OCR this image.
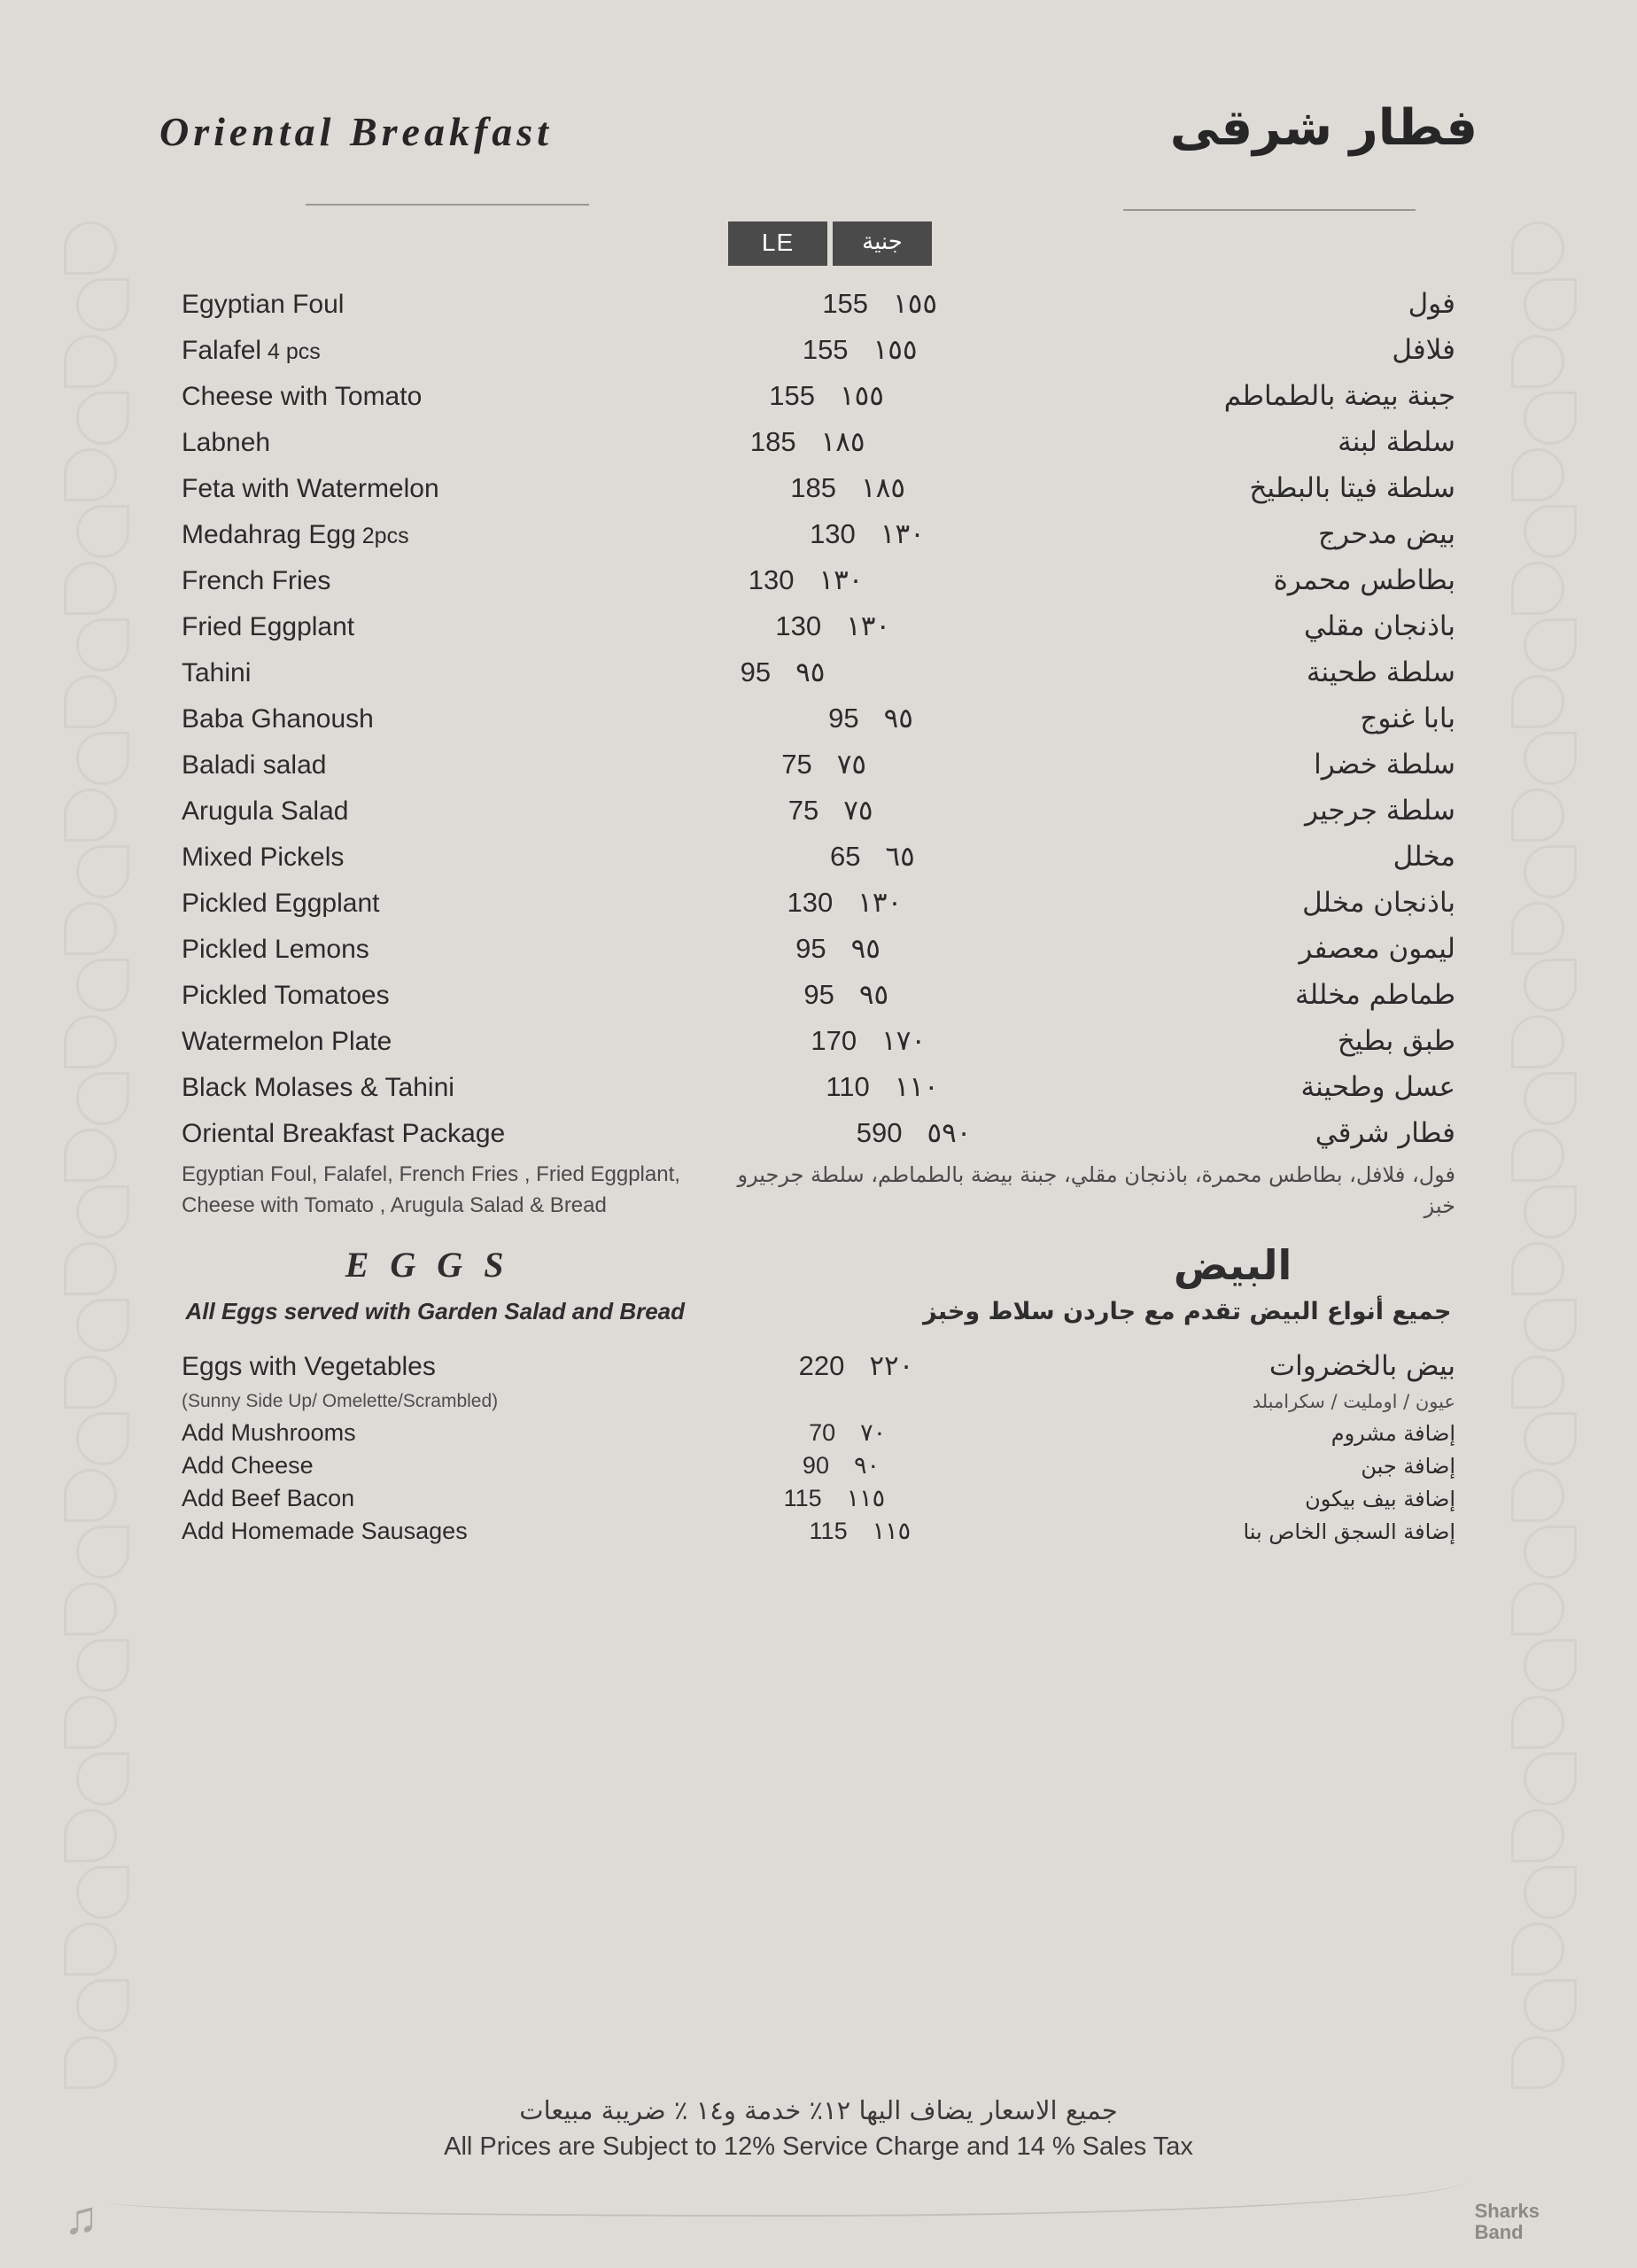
Oriental Breakfast	فطار شرقى
LE	جنية
Egyptian Foul	155 ١٥٥	فول
Falafel 4 pcs	155 ١٥٥	فلافل
Cheese with Tomato	155 ١٥٥	جبنة بيضة بالطماطم
Labneh	185 ١٨٥	سلطة لبنة
Feta with Watermelon	185 ١٨٥	سلطة فيتا بالبطيخ
Medahrag Egg 2pcs	130 ١٣٠	بيض مدحرج
French Fries	130 ١٣٠	بطاطس محمرة
Fried Eggplant	130 ١٣٠	باذنجان مقلي
Tahini	95 ٩٥	سلطة طحينة
Baba Ghanoush	95 ٩٥	بابا غنوج
Baladi salad	75 ٧٥	سلطة خضرا
Arugula Salad	75 ٧٥	سلطة جرجير
Mixed Pickels	65 ٦٥	مخلل
Pickled Eggplant	130 ١٣٠	باذنجان مخلل
Pickled Lemons	95 ٩٥	ليمون معصفر
Pickled Tomatoes	95 ٩٥	طماطم مخللة
Watermelon Plate	170 ١٧٠	طبق بطيخ
Black Molases & Tahini	110 ١١٠	عسل وطحينة
Oriental Breakfast Package	590 ٥٩٠	فطار شرقي
Egyptian Foul, Falafel, French Fries , Fried Eggplant, Cheese with Tomato , Arugula Salad & Bread
فول، فلافل، بطاطس محمرة، باذنجان مقلي، جبنة بيضة بالطماطم، سلطة جرجيرو خبز
E G G S	البيض
All Eggs served with Garden Salad and Bread	جميع أنواع البيض تقدم مع جاردن سلاط وخبز
Eggs with Vegetables	220 ٢٢٠	بيض بالخضروات
(Sunny Side Up/ Omelette/Scrambled)	عيون / اومليت / سكرامبلد
Add Mushrooms	70	٧٠	إضافة مشروم
Add Cheese	90	٩٠	إضافة جبن
Add Beef Bacon	115	١١٥	إضافة بيف بيكون
Add Homemade Sausages	115	١١٥	إضافة السجق الخاص بنا
جميع الاسعار يضاف اليها ١٢٪ خدمة و١٤ ٪ ضريبة مبيعات
All Prices are Subject to 12% Service Charge and 14 % Sales Tax
♫	Sharks
Band
